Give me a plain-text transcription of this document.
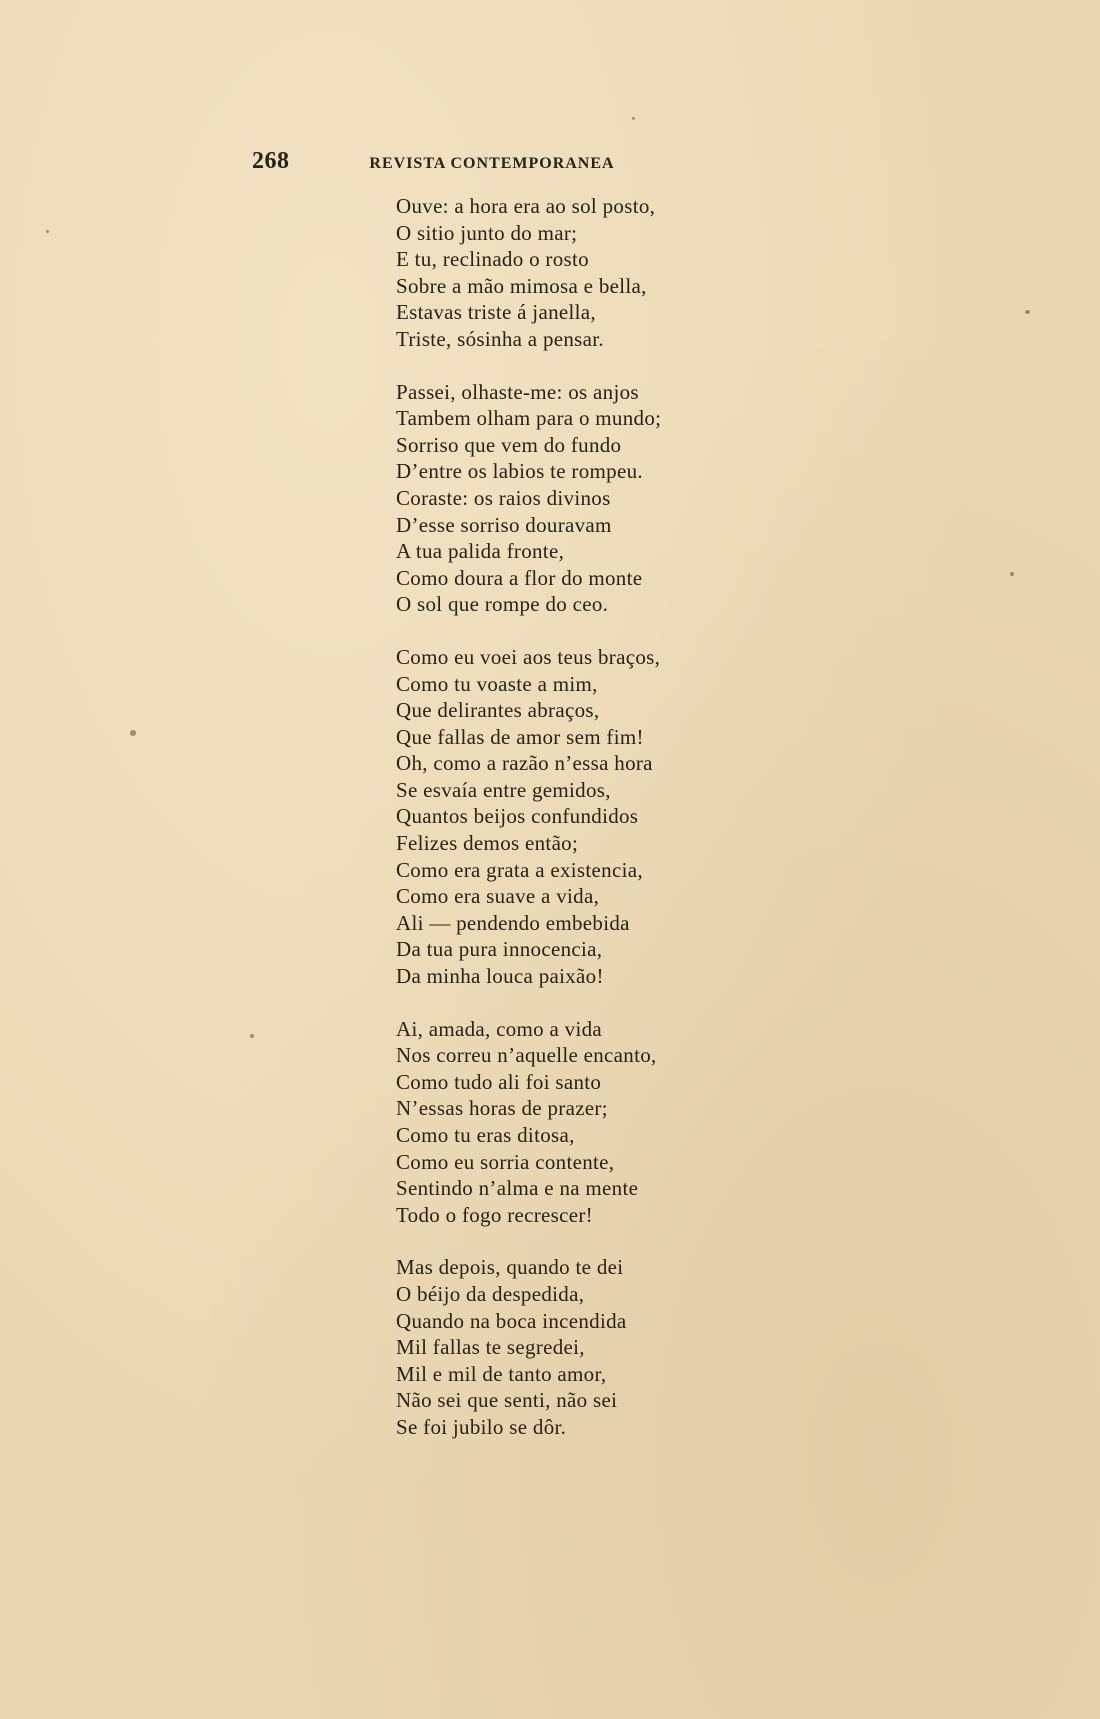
268	REVISTA CONTEMPORANEA
Ouve: a hora era ao sol posto,
O sitio junto do mar;
E tu, reclinado o rosto
Sobre a mão mimosa e bella,
Estavas triste á janella,
Triste, sósinha a pensar.
Passei, olhaste-me: os anjos
Tambem olham para o mundo;
Sorriso que vem do fundo
D’entre os labios te rompeu.
Coraste: os raios divinos
D’esse sorriso douravam
A tua palida fronte,
Como doura a flor do monte
O sol que rompe do ceo.
Como eu voei aos teus braços,
Como tu voaste a mim,
Que delirantes abraços,
Que fallas de amor sem fim!
Oh, como a razão n’essa hora
Se esvaía entre gemidos,
Quantos beijos confundidos
Felizes demos então;
Como era grata a existencia,
Como era suave a vida,
Ali — pendendo embebida
Da tua pura innocencia,
Da minha louca paixão!
Ai, amada, como a vida
Nos correu n’aquelle encanto,
Como tudo ali foi santo
N’essas horas de prazer;
Como tu eras ditosa,
Como eu sorria contente,
Sentindo n’alma e na mente
Todo o fogo recrescer!
Mas depois, quando te dei
O béijo da despedida,
Quando na boca incendida
Mil fallas te segredei,
Mil e mil de tanto amor,
Não sei que senti, não sei
Se foi jubilo se dôr.
